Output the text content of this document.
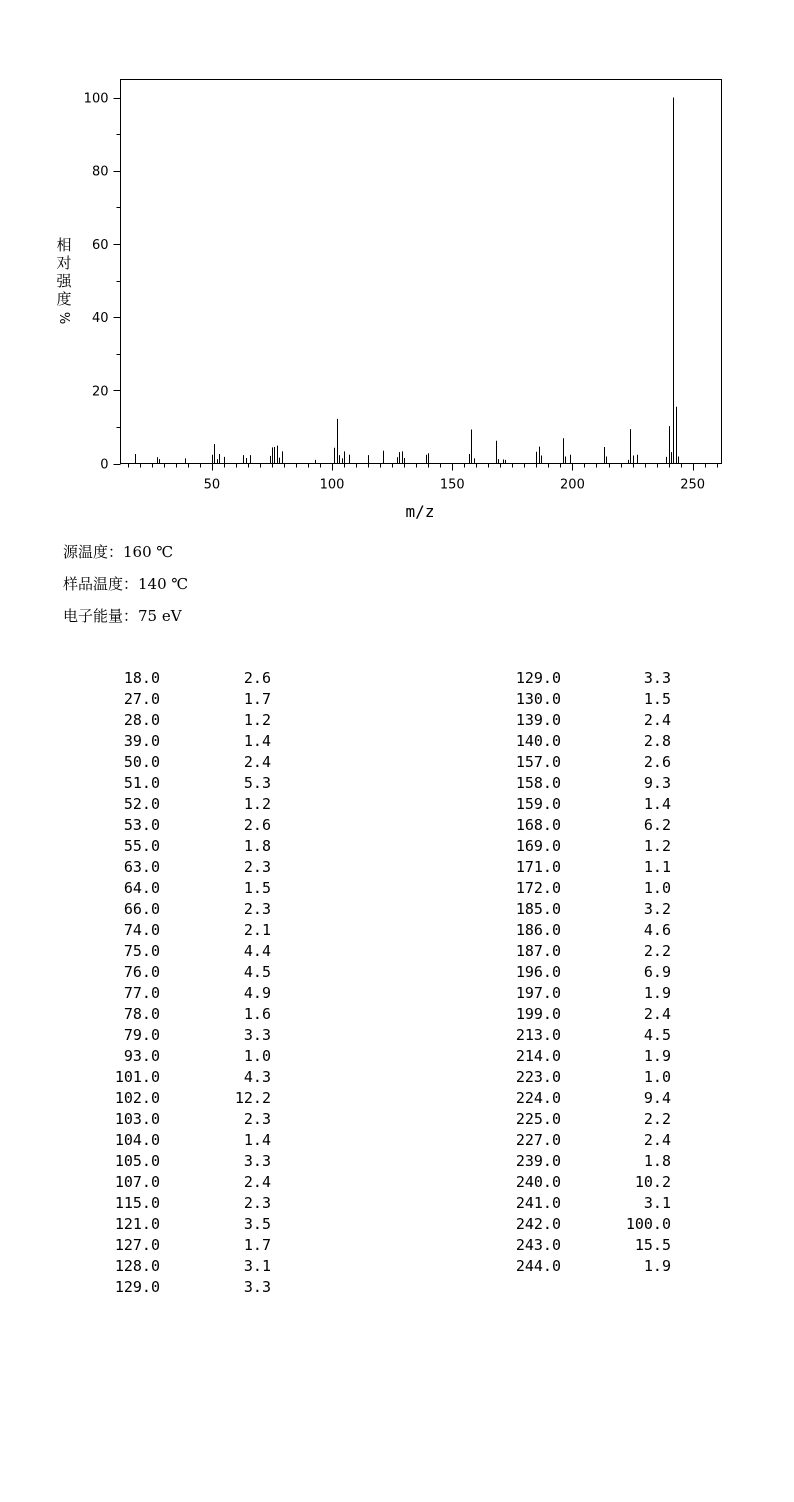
0
20
40
60
80
100
50	100	150	200	250
m/z
相
对
强
度
%
源温度：160 ℃
样品温度：140 ℃
电子能量：75 eV
18.0	2.6
27.0	1.7
28.0	1.2
39.0	1.4
50.0	2.4
51.0	5.3
52.0	1.2
53.0	2.6
55.0	1.8
63.0	2.3
64.0	1.5
66.0	2.3
74.0	2.1
75.0	4.4
76.0	4.5
77.0	4.9
78.0	1.6
79.0	3.3
93.0	1.0
101.0	4.3
102.0	12.2
103.0	2.3
104.0	1.4
105.0	3.3
107.0	2.4
115.0	2.3
121.0	3.5
127.0	1.7
128.0	3.1
129.0	3.3
129.0	3.3
130.0	1.5
139.0	2.4
140.0	2.8
157.0	2.6
158.0	9.3
159.0	1.4
168.0	6.2
169.0	1.2
171.0	1.1
172.0	1.0
185.0	3.2
186.0	4.6
187.0	2.2
196.0	6.9
197.0	1.9
199.0	2.4
213.0	4.5
214.0	1.9
223.0	1.0
224.0	9.4
225.0	2.2
227.0	2.4
239.0	1.8
240.0	10.2
241.0	3.1
242.0	100.0
243.0	15.5
244.0	1.9
